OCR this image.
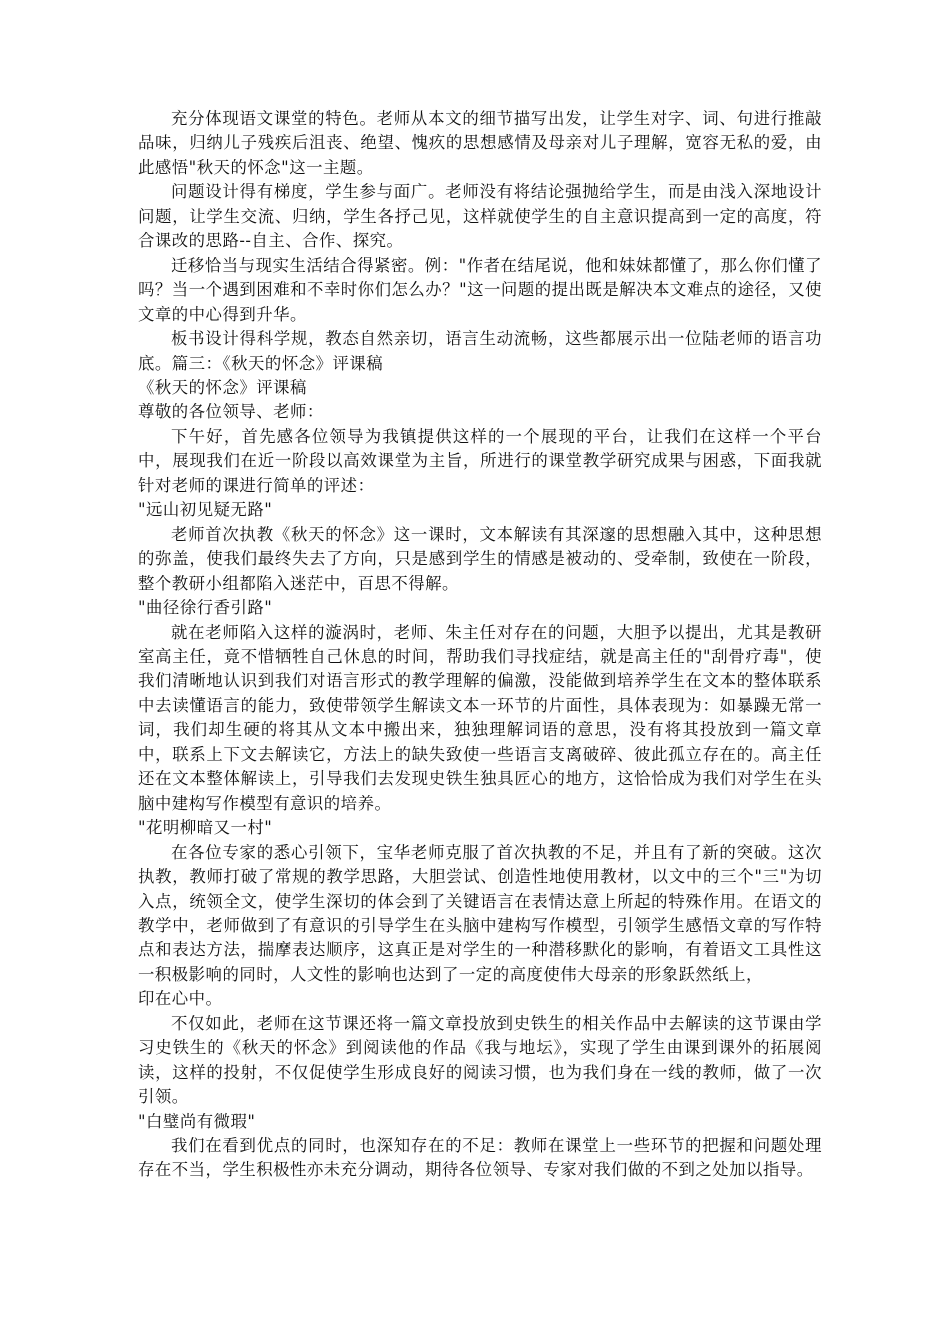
充分体现语文课堂的特色。老师从本文的细节描写出发，让学生对字、词、句进行推敲品味，归纳儿子残疾后沮丧、绝望、愧疚的思想感情及母亲对儿子理解，宽容无私的爱，由此感悟"秋天的怀念"这一主题。

问题设计得有梯度，学生参与面广。老师没有将结论强抛给学生，而是由浅入深地设计问题，让学生交流、归纳，学生各抒己见，这样就使学生的自主意识提高到一定的高度，符合课改的思路--自主、合作、探究。

迁移恰当与现实生活结合得紧密。例："作者在结尾说，他和妹妹都懂了，那么你们懂了吗？当一个遇到困难和不幸时你们怎么办？"这一问题的提出既是解决本文难点的途径，又使文章的中心得到升华。

板书设计得科学规，教态自然亲切，语言生动流畅，这些都展示出一位陆老师的语言功底。篇三：《秋天的怀念》评课稿

《秋天的怀念》评课稿

尊敬的各位领导、老师：

下午好，首先感各位领导为我镇提供这样的一个展现的平台，让我们在这样一个平台中，展现我们在近一阶段以高效课堂为主旨，所进行的课堂教学研究成果与困惑，下面我就针对老师的课进行简单的评述：

"远山初见疑无路"

老师首次执教《秋天的怀念》这一课时，文本解读有其深邃的思想融入其中，这种思想的弥盖，使我们最终失去了方向，只是感到学生的情感是被动的、受牵制，致使在一阶段，整个教研小组都陷入迷茫中，百思不得解。

"曲径徐行香引路"

就在老师陷入这样的漩涡时，老师、朱主任对存在的问题，大胆予以提出，尤其是教研室高主任，竟不惜牺牲自己休息的时间，帮助我们寻找症结，就是高主任的"刮骨疗毒"，使我们清晰地认识到我们对语言形式的教学理解的偏激，没能做到培养学生在文本的整体联系中去读懂语言的能力，致使带领学生解读文本一环节的片面性，具体表现为：如暴躁无常一词，我们却生硬的将其从文本中搬出来，独独理解词语的意思，没有将其投放到一篇文章中，联系上下文去解读它，方法上的缺失致使一些语言支离破碎、彼此孤立存在的。高主任还在文本整体解读上，引导我们去发现史铁生独具匠心的地方，这恰恰成为我们对学生在头脑中建构写作模型有意识的培养。

"花明柳暗又一村"

在各位专家的悉心引领下，宝华老师克服了首次执教的不足，并且有了新的突破。这次执教，教师打破了常规的教学思路，大胆尝试、创造性地使用教材，以文中的三个"三"为切入点，统领全文，使学生深切的体会到了关键语言在表情达意上所起的特殊作用。在语文的教学中，老师做到了有意识的引导学生在头脑中建构写作模型，引领学生感悟文章的写作特点和表达方法，揣摩表达顺序，这真正是对学生的一种潜移默化的影响，有着语文工具性这一积极影响的同时，人文性的影响也达到了一定的高度使伟大母亲的形象跃然纸上，

印在心中。

不仅如此，老师在这节课还将一篇文章投放到史铁生的相关作品中去解读的这节课由学习史铁生的《秋天的怀念》到阅读他的作品《我与地坛》，实现了学生由课到课外的拓展阅读，这样的投射，不仅促使学生形成良好的阅读习惯，也为我们身在一线的教师，做了一次引领。

"白璧尚有微瑕"

我们在看到优点的同时，也深知存在的不足：教师在课堂上一些环节的把握和问题处理存在不当，学生积极性亦未充分调动，期待各位领导、专家对我们做的不到之处加以指导。
